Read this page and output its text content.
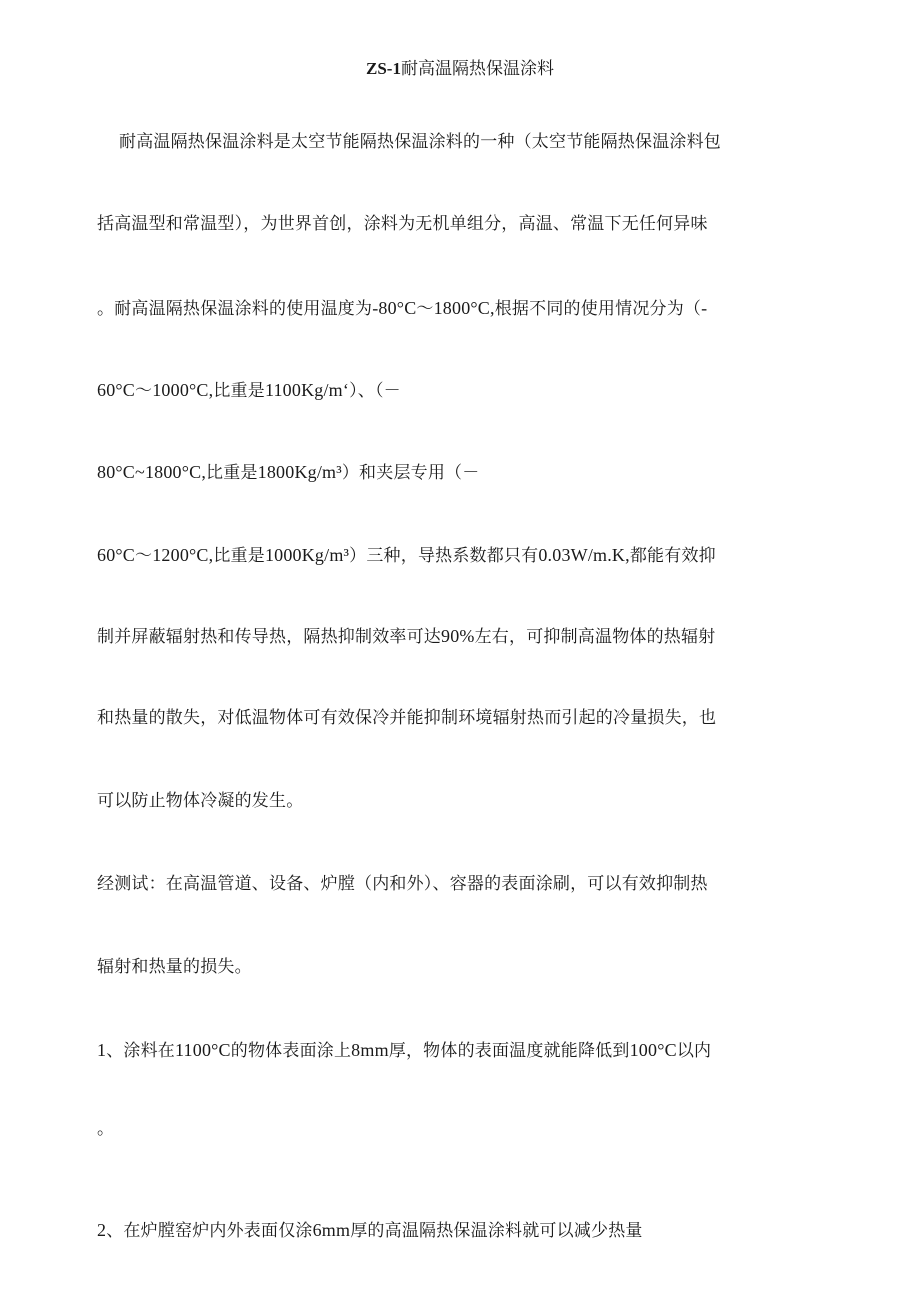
ZS-1耐高温隔热保温涂料
耐高温隔热保温涂料是太空节能隔热保温涂料的一种（太空节能隔热保温涂料包
括高温型和常温型），为世界首创，涂料为无机单组分，高温、常温下无任何异味
。耐高温隔热保温涂料的使用温度为-80°C～1800°C,根据不同的使用情况分为（-
60°C～1000°C,比重是1100Kg/m‘）、（－
80°C~1800°C,比重是1800Kg/m³）和夹层专用（－
60°C～1200°C,比重是1000Kg/m³）三种，导热系数都只有0.03W/m.K,都能有效抑
制并屏蔽辐射热和传导热，隔热抑制效率可达90%左右，可抑制高温物体的热辐射
和热量的散失，对低温物体可有效保冷并能抑制环境辐射热而引起的冷量损失，也
可以防止物体冷凝的发生。
经测试：在高温管道、设备、炉膛（内和外）、容器的表面涂刷，可以有效抑制热
辐射和热量的损失。
1、涂料在1100°C的物体表面涂上8mm厚，物体的表面温度就能降低到100°C以内
。
2、在炉膛窑炉内外表面仅涂6mm厚的高温隔热保温涂料就可以减少热量
